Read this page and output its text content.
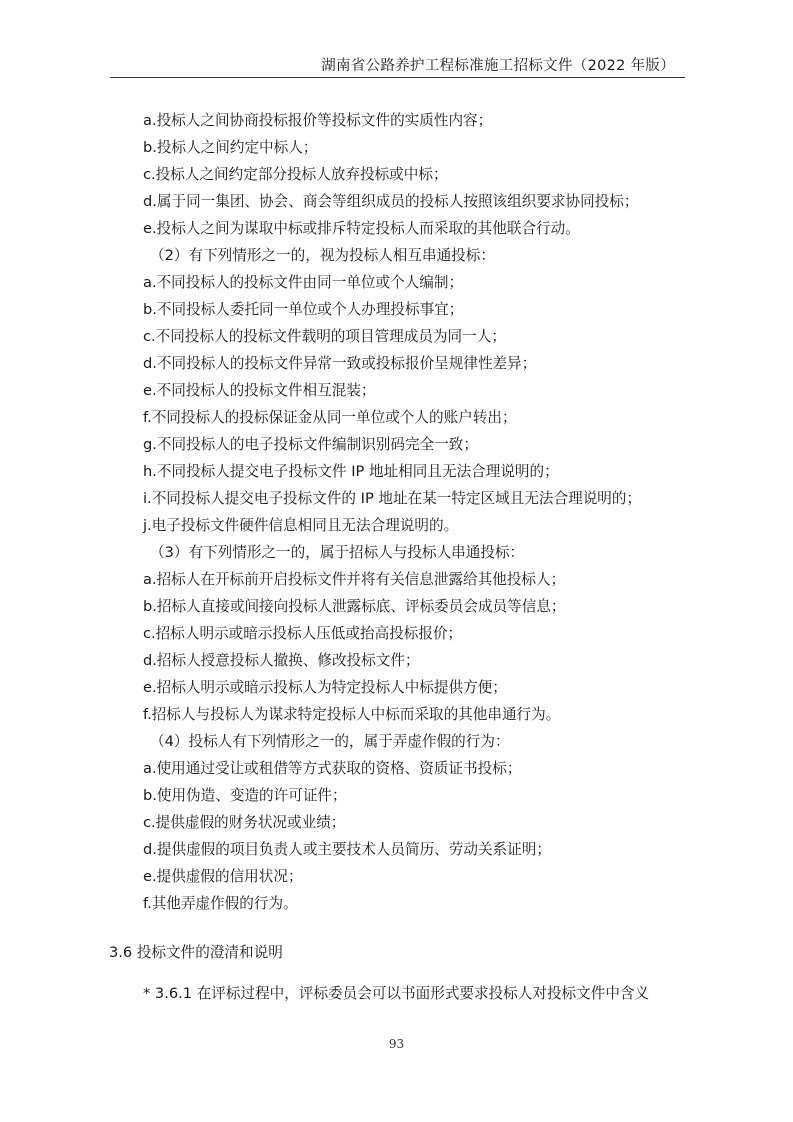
湖南省公路养护工程标准施工招标文件（2022 年版）
a.投标人之间协商投标报价等投标文件的实质性内容；
b.投标人之间约定中标人；
c.投标人之间约定部分投标人放弃投标或中标；
d.属于同一集团、协会、商会等组织成员的投标人按照该组织要求协同投标；
e.投标人之间为谋取中标或排斥特定投标人而采取的其他联合行动。
（2）有下列情形之一的，视为投标人相互串通投标：
a.不同投标人的投标文件由同一单位或个人编制；
b.不同投标人委托同一单位或个人办理投标事宜；
c.不同投标人的投标文件载明的项目管理成员为同一人；
d.不同投标人的投标文件异常一致或投标报价呈规律性差异；
e.不同投标人的投标文件相互混装；
f.不同投标人的投标保证金从同一单位或个人的账户转出；
g.不同投标人的电子投标文件编制识别码完全一致；
h.不同投标人提交电子投标文件 IP 地址相同且无法合理说明的；
i.不同投标人提交电子投标文件的 IP 地址在某一特定区域且无法合理说明的；
j.电子投标文件硬件信息相同且无法合理说明的。
（3）有下列情形之一的，属于招标人与投标人串通投标：
a.招标人在开标前开启投标文件并将有关信息泄露给其他投标人；
b.招标人直接或间接向投标人泄露标底、评标委员会成员等信息；
c.招标人明示或暗示投标人压低或抬高投标报价；
d.招标人授意投标人撤换、修改投标文件；
e.招标人明示或暗示投标人为特定投标人中标提供方便；
f.招标人与投标人为谋求特定投标人中标而采取的其他串通行为。
（4）投标人有下列情形之一的，属于弄虚作假的行为：
a.使用通过受让或租借等方式获取的资格、资质证书投标；
b.使用伪造、变造的许可证件；
c.提供虚假的财务状况或业绩；
d.提供虚假的项目负责人或主要技术人员简历、劳动关系证明；
e.提供虚假的信用状况；
f.其他弄虚作假的行为。
3.6 投标文件的澄清和说明
* 3.6.1 在评标过程中，评标委员会可以书面形式要求投标人对投标文件中含义
93
